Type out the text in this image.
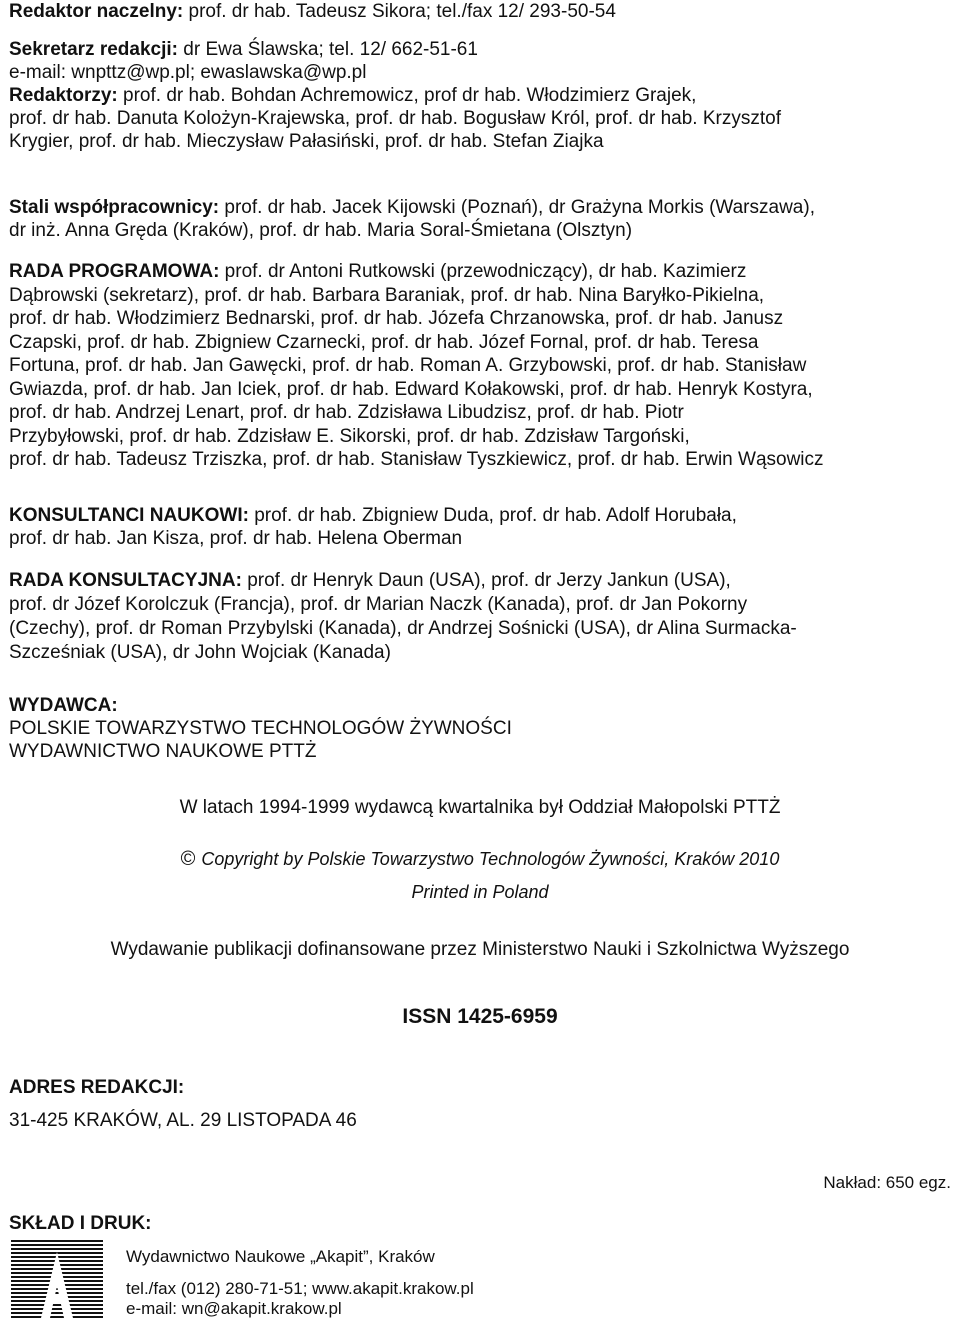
Redaktor naczelny: prof. dr hab. Tadeusz Sikora; tel./fax 12/ 293-50-54
Sekretarz redakcji: dr Ewa Ślawska; tel. 12/ 662-51-61
e-mail: wnpttz@wp.pl; ewaslawska@wp.pl
Redaktorzy: prof. dr hab. Bohdan Achremowicz, prof dr hab. Włodzimierz Grajek,
prof. dr hab. Danuta Kolożyn-Krajewska, prof. dr hab. Bogusław Król, prof. dr hab. Krzysztof
Krygier, prof. dr hab. Mieczysław Pałasiński, prof. dr hab. Stefan Ziajka
Stali współpracownicy: prof. dr hab. Jacek Kijowski (Poznań), dr Grażyna Morkis (Warszawa),
dr inż. Anna Gręda (Kraków), prof. dr hab. Maria Soral-Śmietana (Olsztyn)
RADA PROGRAMOWA: prof. dr Antoni Rutkowski (przewodniczący), dr hab. Kazimierz
Dąbrowski (sekretarz), prof. dr hab. Barbara Baraniak, prof. dr hab. Nina Baryłko-Pikielna,
prof. dr hab. Włodzimierz Bednarski, prof. dr hab. Józefa Chrzanowska, prof. dr hab. Janusz
Czapski, prof. dr hab. Zbigniew Czarnecki, prof. dr hab. Józef Fornal, prof. dr hab. Teresa
Fortuna, prof. dr hab. Jan Gawęcki, prof. dr hab. Roman A. Grzybowski, prof. dr hab. Stanisław
Gwiazda, prof. dr hab. Jan Iciek, prof. dr hab. Edward Kołakowski, prof. dr hab. Henryk Kostyra,
prof. dr hab. Andrzej Lenart, prof. dr hab. Zdzisława Libudzisz, prof. dr hab. Piotr
Przybyłowski, prof. dr hab. Zdzisław E. Sikorski, prof. dr hab. Zdzisław Targoński,
prof. dr hab. Tadeusz Trziszka, prof. dr hab. Stanisław Tyszkiewicz, prof. dr hab. Erwin Wąsowicz
KONSULTANCI NAUKOWI: prof. dr hab. Zbigniew Duda, prof. dr hab. Adolf Horubała,
prof. dr hab. Jan Kisza, prof. dr hab. Helena Oberman
RADA KONSULTACYJNA: prof. dr Henryk Daun (USA), prof. dr Jerzy Jankun (USA),
prof. dr Józef Korolczuk (Francja), prof. dr Marian Naczk (Kanada), prof. dr Jan Pokorny
(Czechy), prof. dr Roman Przybylski (Kanada), dr Andrzej Sośnicki (USA), dr Alina Surmacka-
Szcześniak (USA), dr John Wojciak (Kanada)
WYDAWCA:
POLSKIE TOWARZYSTWO TECHNOLOGÓW ŻYWNOŚCI
WYDAWNICTWO NAUKOWE PTTŻ
W latach 1994-1999 wydawcą kwartalnika był Oddział Małopolski PTTŻ
© Copyright by Polskie Towarzystwo Technologów Żywności, Kraków 2010
Printed in Poland
Wydawanie publikacji dofinansowane przez Ministerstwo Nauki i Szkolnictwa Wyższego
ISSN 1425-6959
ADRES REDAKCJI:
31-425 KRAKÓW, AL. 29 LISTOPADA 46
Nakład: 650 egz.
SKŁAD I DRUK:
Wydawnictwo Naukowe „Akapit”, Kraków
tel./fax (012) 280-71-51; www.akapit.krakow.pl
e-mail: wn@akapit.krakow.pl
